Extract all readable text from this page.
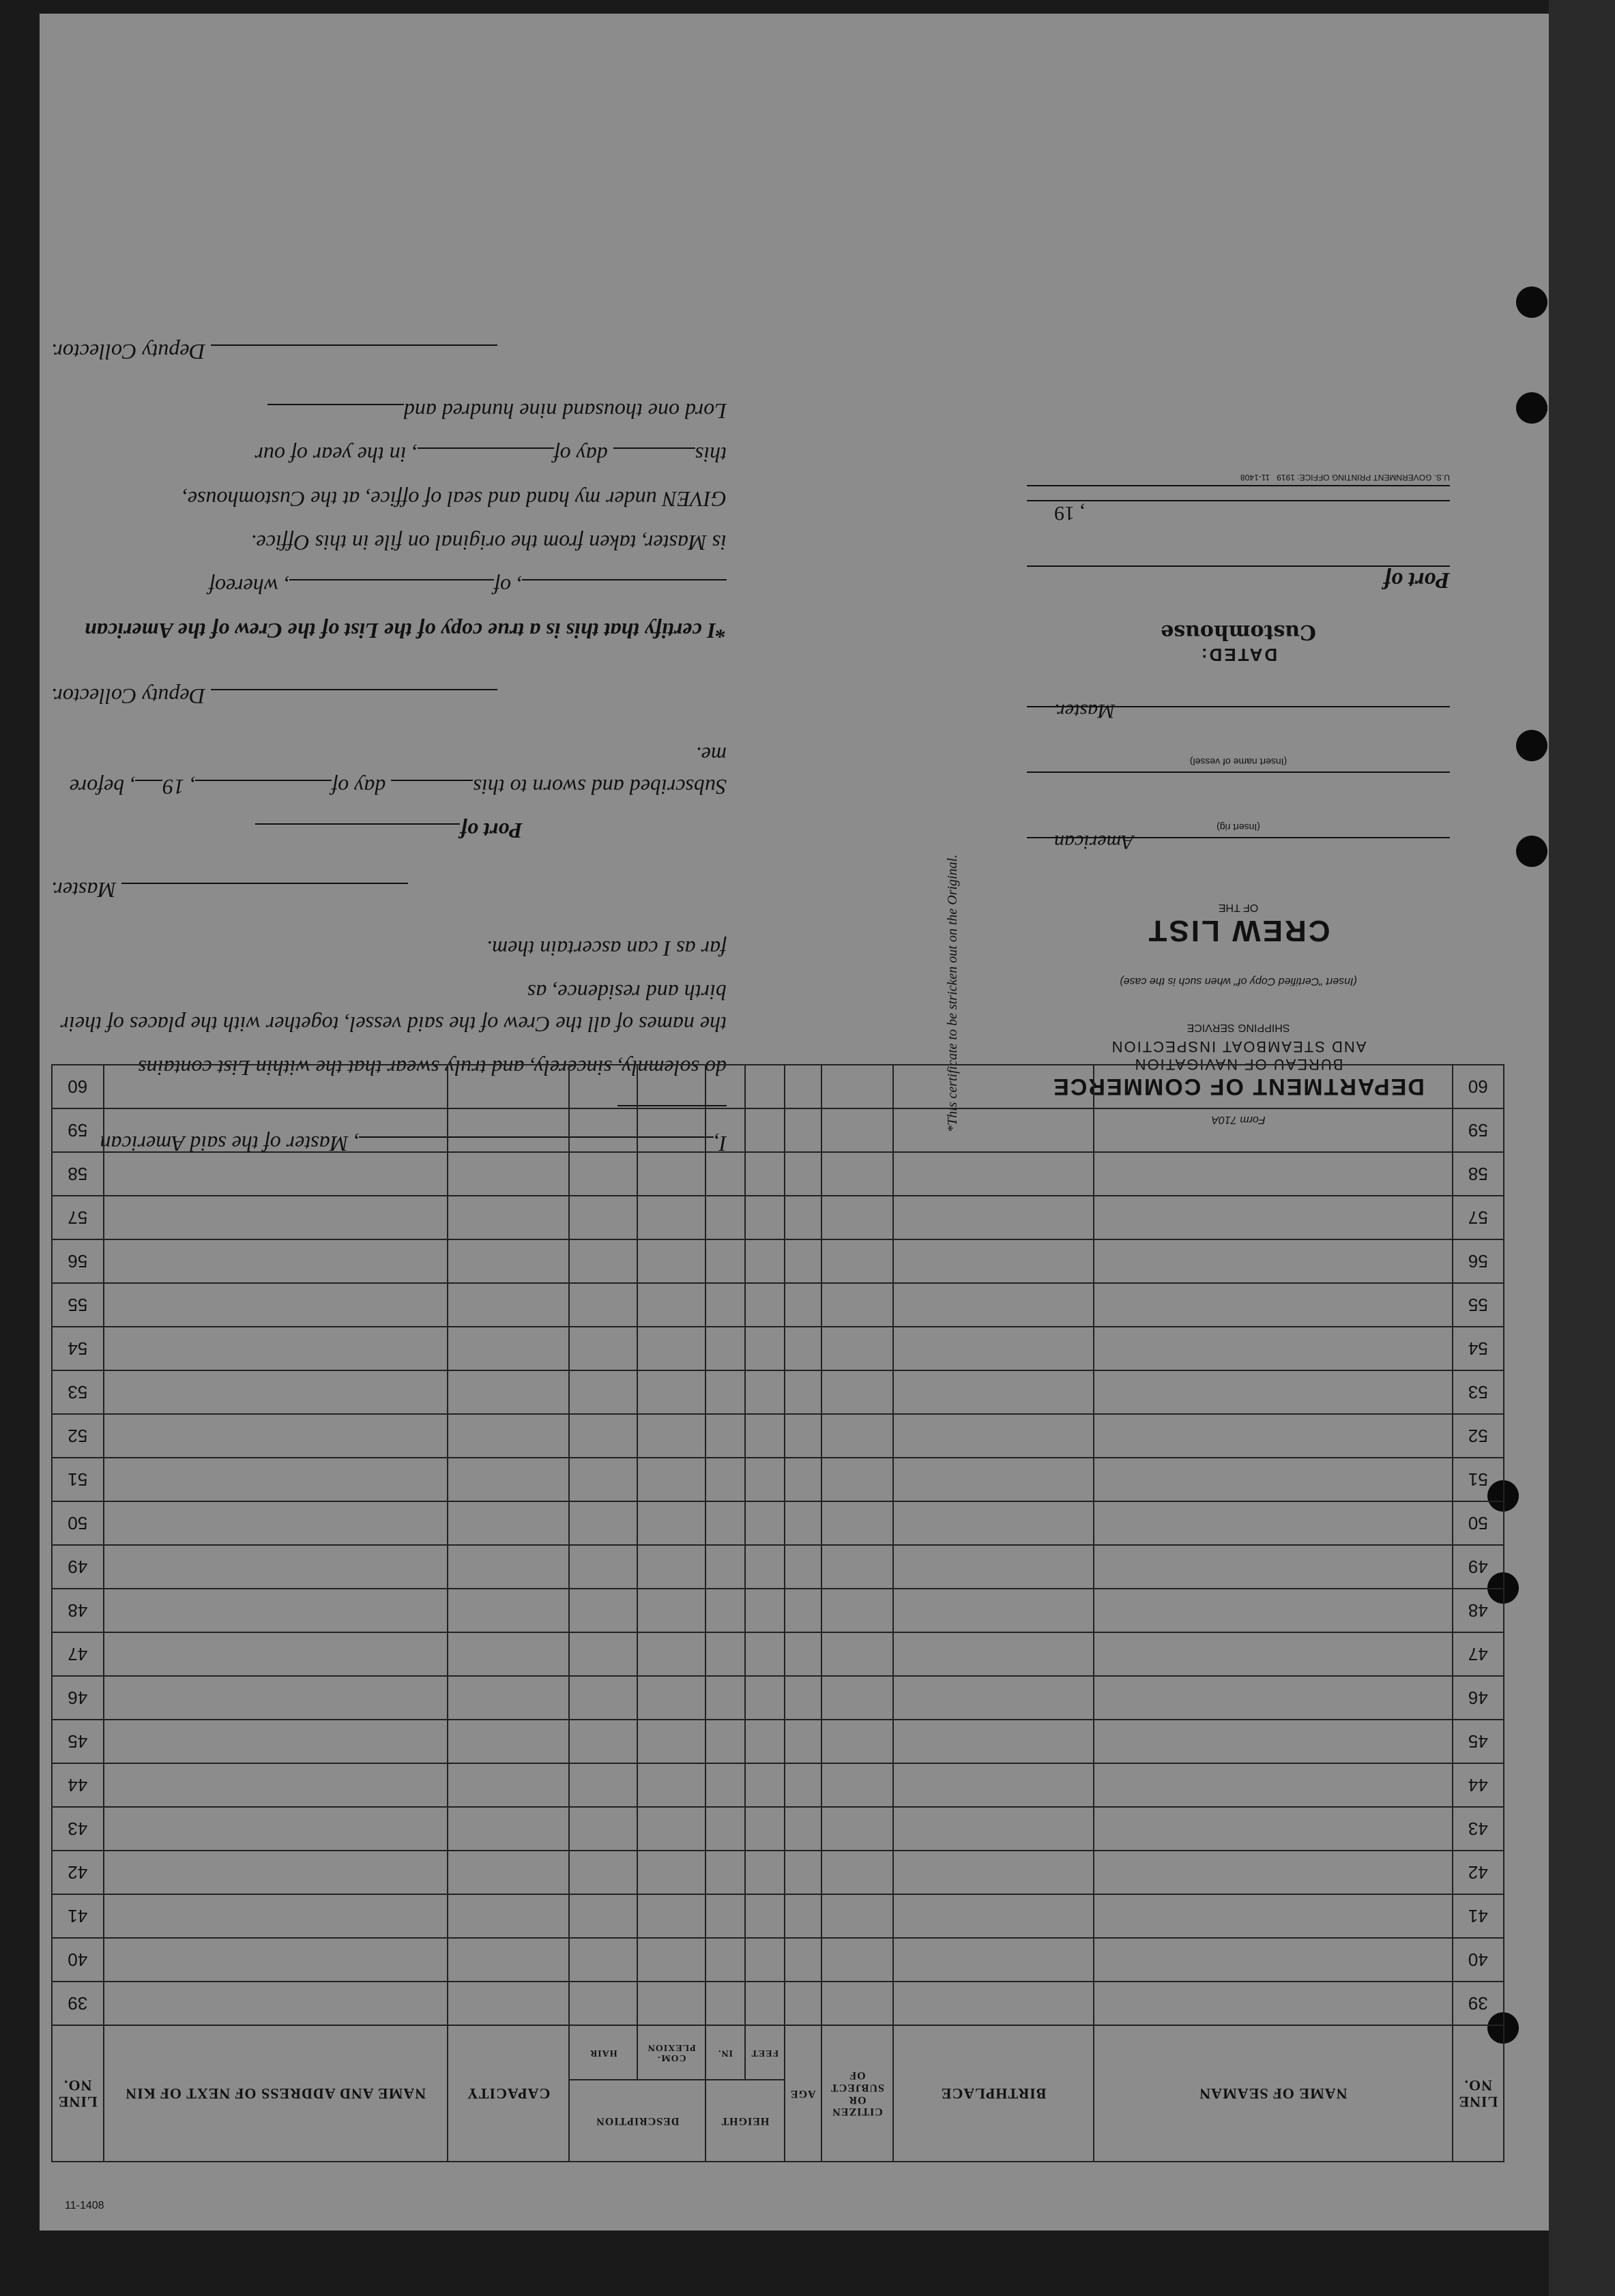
11-1408
Form 710A
DEPARTMENT OF COMMERCE
BUREAU OF NAVIGATION
AND STEAMBOAT INSPECTION
SHIPPING SERVICE
(Insert "Certified Copy of" when such is the case)
CREW LIST
OF THE
American
(Insert rig)
(Insert name of vessel)
Master.
DATED:
Customhouse
Port of
, 19
U.S. GOVERNMENT PRINTING OFFICE: 1919   11-1408
*This certificate to be stricken out on the Original.

I,, Master of the said American

do solemnly, sincerely, and truly swear that the within List contains

the names of all the Crew of the said vessel, together with the places of their birth and residence, as

far as I can ascertain them.

Master.

Port of

Subscribed and sworn to this day of, 19, before me.

Deputy Collector.

*I certify that this is a true copy of the List of the Crew of the American

, of, whereof

is Master, taken from the original on file in this Office.

GIVEN under my hand and seal of office, at the Customhouse,

this day of, in the year of our

Lord one thousand nine hundred and

Deputy Collector.
LINE NO.	NAME OF SEAMAN	BIRTHPLACE	CITIZEN OR SUBJECT OF	AGE	HEIGHT		DESCRIPTION		CAPACITY	NAME AND ADDRESS OF NEXT OF KIN	LINE NO.
					FEET	IN.	COM-PLEXION	HAIR			
39											39
40											40
41											41
42											42
43											43
44											44
45											45
46											46
47											47
48											48
49											49
50											50
51											51
52											52
53											53
54											54
55											55
56											56
57											57
58											58
59											59
60											60
